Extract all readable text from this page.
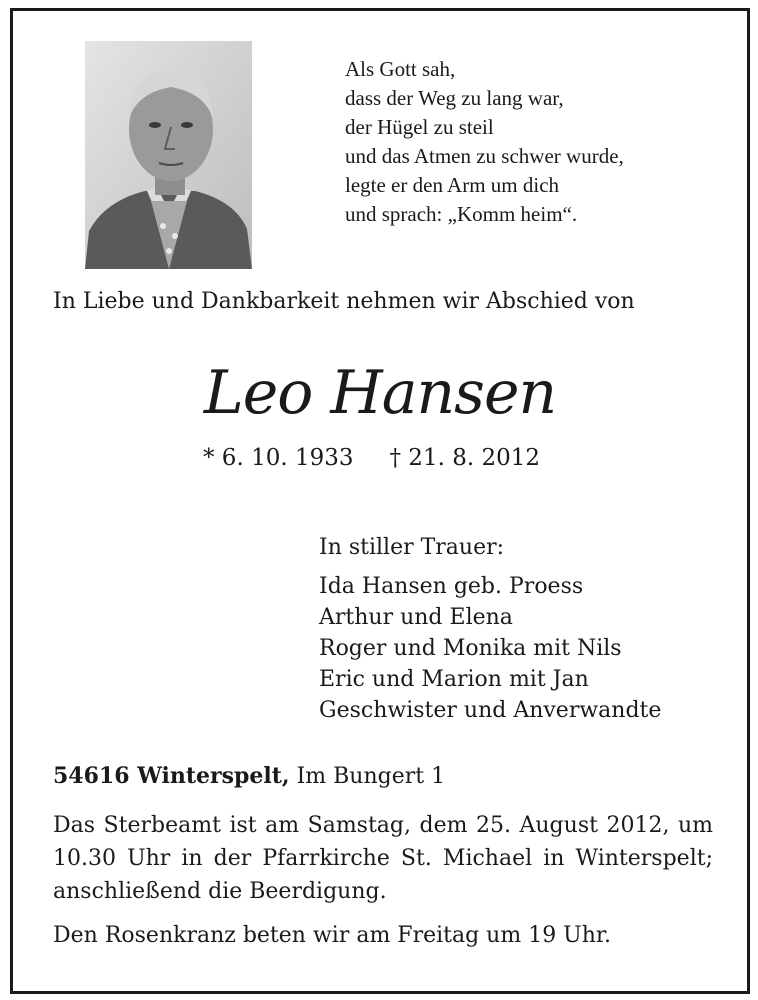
Als Gott sah,
dass der Weg zu lang war,
der Hügel zu steil
und das Atmen zu schwer wurde,
legte er den Arm um dich
und sprach: „Komm heim“.
In Liebe und Dankbarkeit nehmen wir Abschied von
Leo Hansen
* 6. 10. 1933 † 21. 8. 2012
In stiller Trauer:
Ida Hansen geb. Proess
Arthur und Elena
Roger und Monika mit Nils
Eric und Marion mit Jan
Geschwister und Anverwandte
54616 Winterspelt, Im Bungert 1
Das Sterbeamt ist am Samstag, dem 25. August 2012, um 10.30 Uhr in der Pfarrkirche St. Michael in Winterspelt; anschließend die Beerdigung.
Den Rosenkranz beten wir am Freitag um 19 Uhr.
